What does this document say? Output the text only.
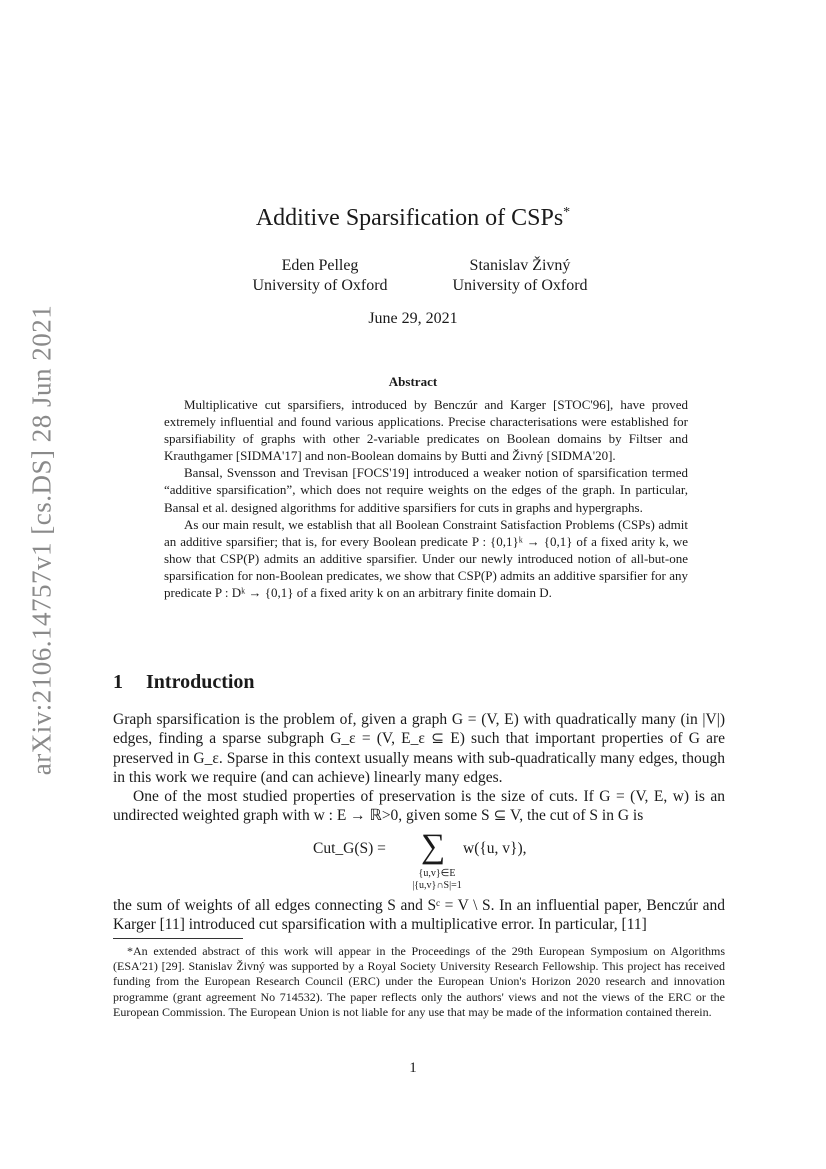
arXiv:2106.14757v1 [cs.DS] 28 Jun 2021
Additive Sparsification of CSPs*
Eden Pelleg
University of Oxford
Stanislav Živný
University of Oxford
June 29, 2021
Abstract

Multiplicative cut sparsifiers, introduced by Benczúr and Karger [STOC'96], have proved extremely influential and found various applications. Precise characterisations were established for sparsifiability of graphs with other 2-variable predicates on Boolean domains by Filtser and Krauthgamer [SIDMA'17] and non-Boolean domains by Butti and Živný [SIDMA'20].

Bansal, Svensson and Trevisan [FOCS'19] introduced a weaker notion of sparsification termed “additive sparsification”, which does not require weights on the edges of the graph. In particular, Bansal et al. designed algorithms for additive sparsifiers for cuts in graphs and hypergraphs.

As our main result, we establish that all Boolean Constraint Satisfaction Problems (CSPs) admit an additive sparsifier; that is, for every Boolean predicate P : {0,1}ᵏ → {0,1} of a fixed arity k, we show that CSP(P) admits an additive sparsifier. Under our newly introduced notion of all-but-one sparsification for non-Boolean predicates, we show that CSP(P) admits an additive sparsifier for any predicate P : Dᵏ → {0,1} of a fixed arity k on an arbitrary finite domain D.

1 Introduction

Graph sparsification is the problem of, given a graph G = (V, E) with quadratically many (in |V|) edges, finding a sparse subgraph G_ε = (V, E_ε ⊆ E) such that important properties of G are preserved in G_ε. Sparse in this context usually means with sub-quadratically many edges, though in this work we require (and can achieve) linearly many edges.

One of the most studied properties of preservation is the size of cuts. If G = (V, E, w) is an undirected weighted graph with w : E → ℝ>0, given some S ⊆ V, the cut of S in G is

Cut_G(S) = ∑ w({u, v}),
{u,v}∈E
|{u,v}∩S|=1

the sum of weights of all edges connecting S and Sᶜ = V \ S. In an influential paper, Benczúr and Karger [11] introduced cut sparsification with a multiplicative error. In particular, [11]

*An extended abstract of this work will appear in the Proceedings of the 29th European Symposium on Algorithms (ESA'21) [29]. Stanislav Živný was supported by a Royal Society University Research Fellowship. This project has received funding from the European Research Council (ERC) under the European Union's Horizon 2020 research and innovation programme (grant agreement No 714532). The paper reflects only the authors' views and not the views of the ERC or the European Commission. The European Union is not liable for any use that may be made of the information contained therein.

1
